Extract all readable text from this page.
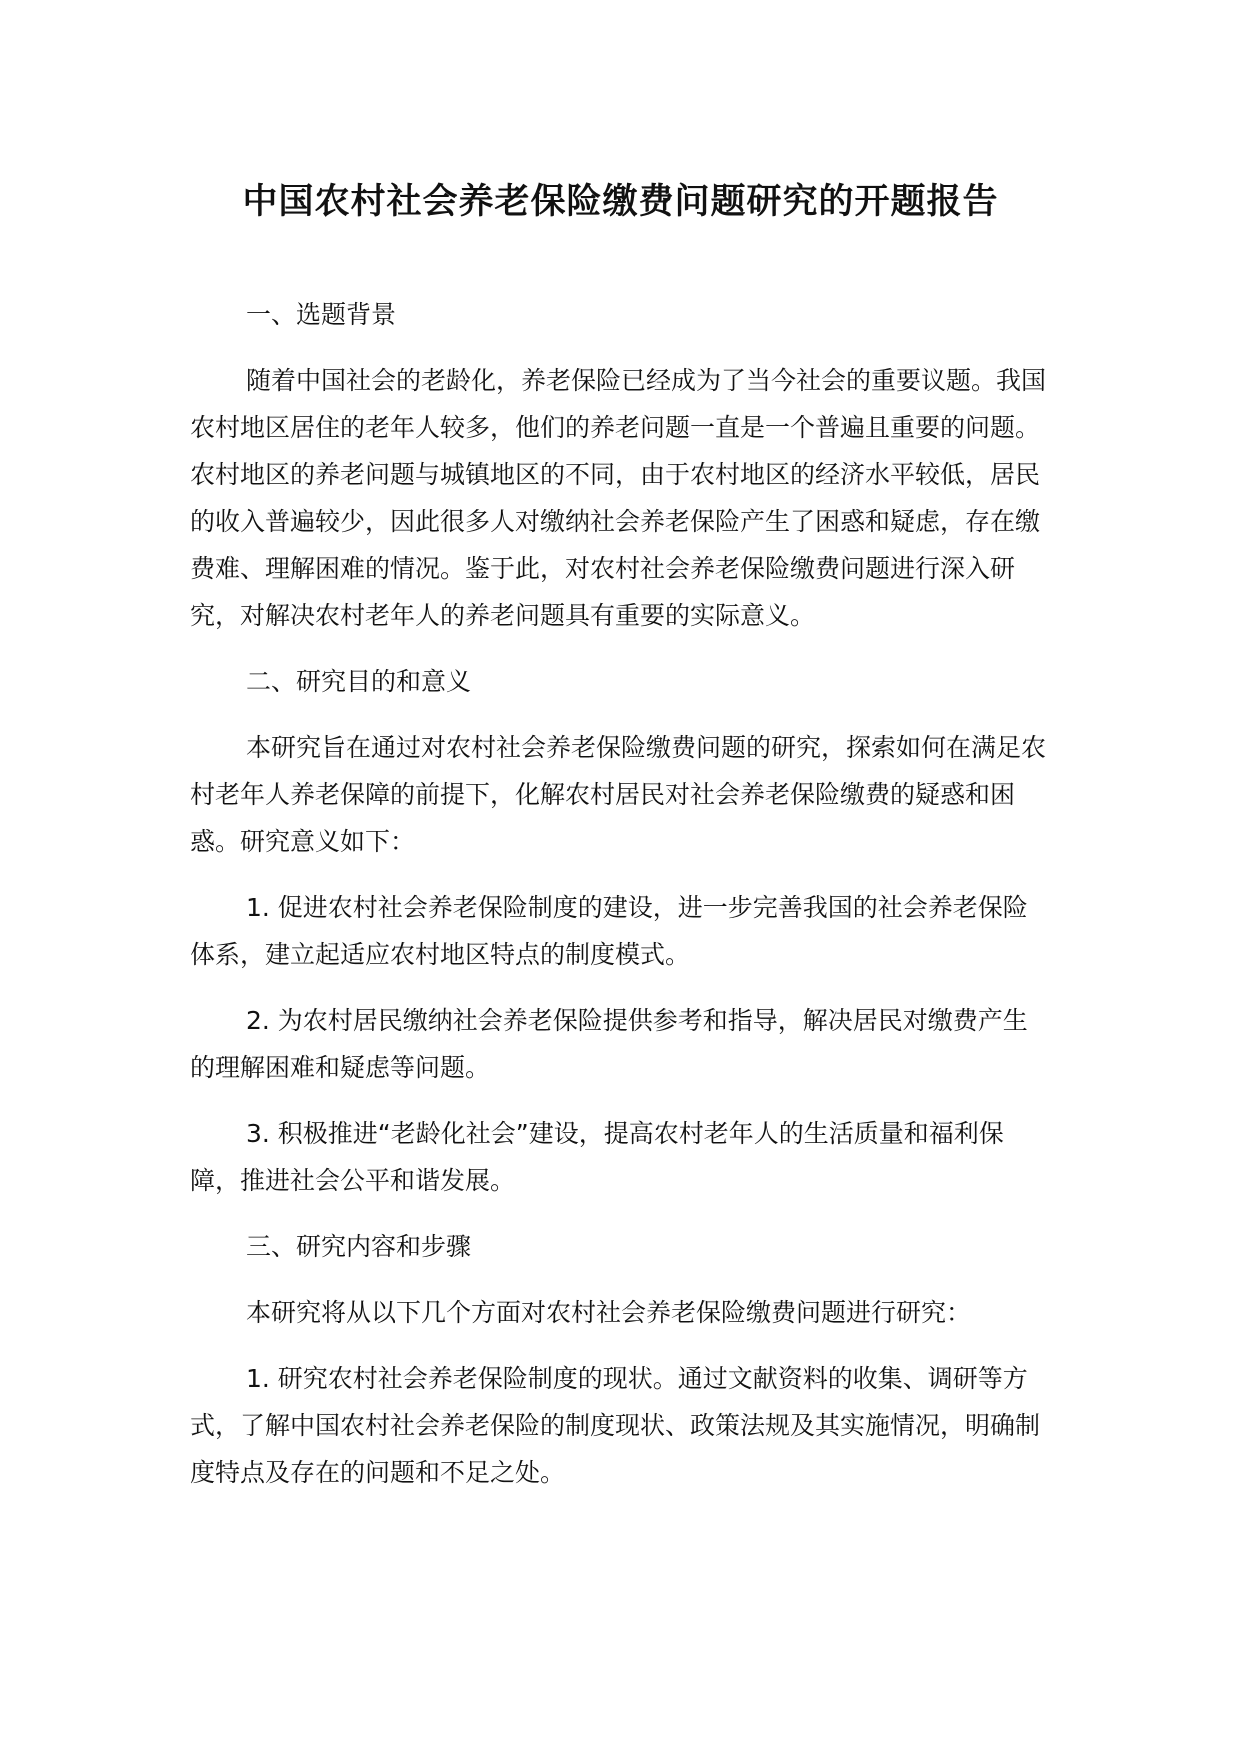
中国农村社会养老保险缴费问题研究的开题报告

一、选题背景

随着中国社会的老龄化，养老保险已经成为了当今社会的重要议题。我国农村地区居住的老年人较多，他们的养老问题一直是一个普遍且重要的问题。农村地区的养老问题与城镇地区的不同，由于农村地区的经济水平较低，居民的收入普遍较少，因此很多人对缴纳社会养老保险产生了困惑和疑虑，存在缴费难、理解困难的情况。鉴于此，对农村社会养老保险缴费问题进行深入研究，对解决农村老年人的养老问题具有重要的实际意义。

二、研究目的和意义

本研究旨在通过对农村社会养老保险缴费问题的研究，探索如何在满足农村老年人养老保障的前提下，化解农村居民对社会养老保险缴费的疑惑和困惑。研究意义如下：

1. 促进农村社会养老保险制度的建设，进一步完善我国的社会养老保险体系，建立起适应农村地区特点的制度模式。

2. 为农村居民缴纳社会养老保险提供参考和指导，解决居民对缴费产生的理解困难和疑虑等问题。

3. 积极推进“老龄化社会”建设，提高农村老年人的生活质量和福利保障，推进社会公平和谐发展。

三、研究内容和步骤

本研究将从以下几个方面对农村社会养老保险缴费问题进行研究：

1. 研究农村社会养老保险制度的现状。通过文献资料的收集、调研等方式，了解中国农村社会养老保险的制度现状、政策法规及其实施情况，明确制度特点及存在的问题和不足之处。
